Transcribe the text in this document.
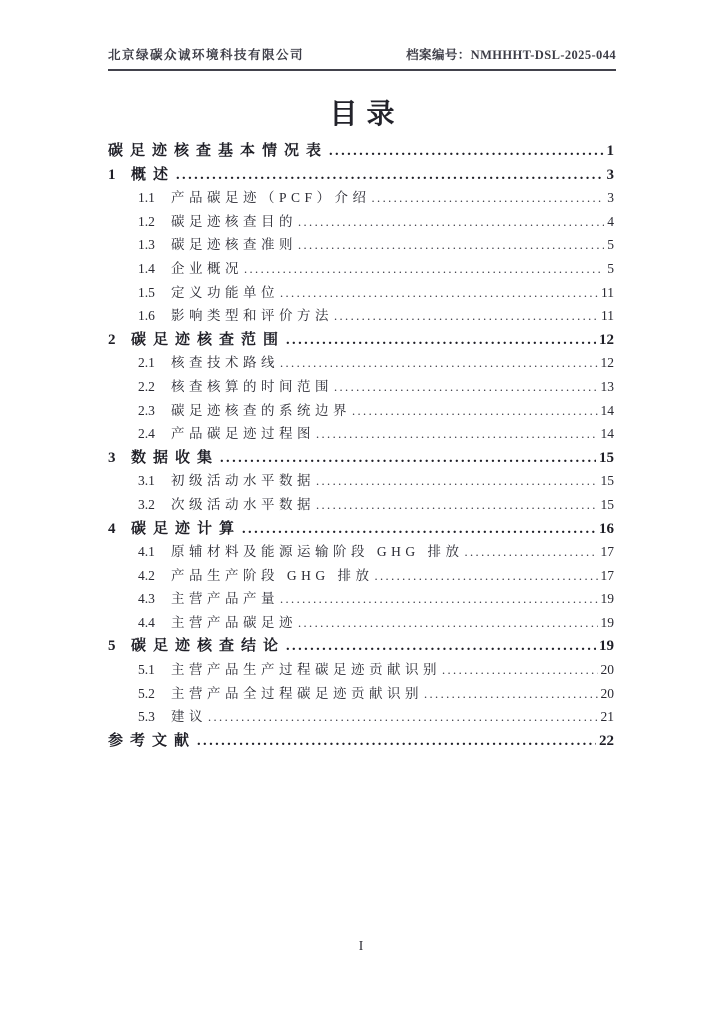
北京绿碳众诚环境科技有限公司	档案编号：NMHHHT-DSL-2025-044
目录
碳足迹核查基本情况表 .....	1
1	概述 .....	3
1.1	产品碳足迹（PCF）介绍 .....	3
1.2	碳足迹核查目的 .....	4
1.3	碳足迹核查准则 .....	5
1.4	企业概况 .....	5
1.5	定义功能单位 .....	11
1.6	影响类型和评价方法 .....	11
2	碳足迹核查范围 .....	12
2.1	核查技术路线 .....	12
2.2	核查核算的时间范围 .....	13
2.3	碳足迹核查的系统边界 .....	14
2.4	产品碳足迹过程图 .....	14
3	数据收集 .....	15
3.1	初级活动水平数据 .....	15
3.2	次级活动水平数据 .....	15
4	碳足迹计算 .....	16
4.1	原辅材料及能源运输阶段 GHG 排放 .....	17
4.2	产品生产阶段 GHG 排放 .....	17
4.3	主营产品产量 .....	19
4.4	主营产品碳足迹 .....	19
5	碳足迹核查结论 .....	19
5.1	主营产品生产过程碳足迹贡献识别 .....	20
5.2	主营产品全过程碳足迹贡献识别 .....	20
5.3	建议 .....	21
参考文献 .....	22
I
